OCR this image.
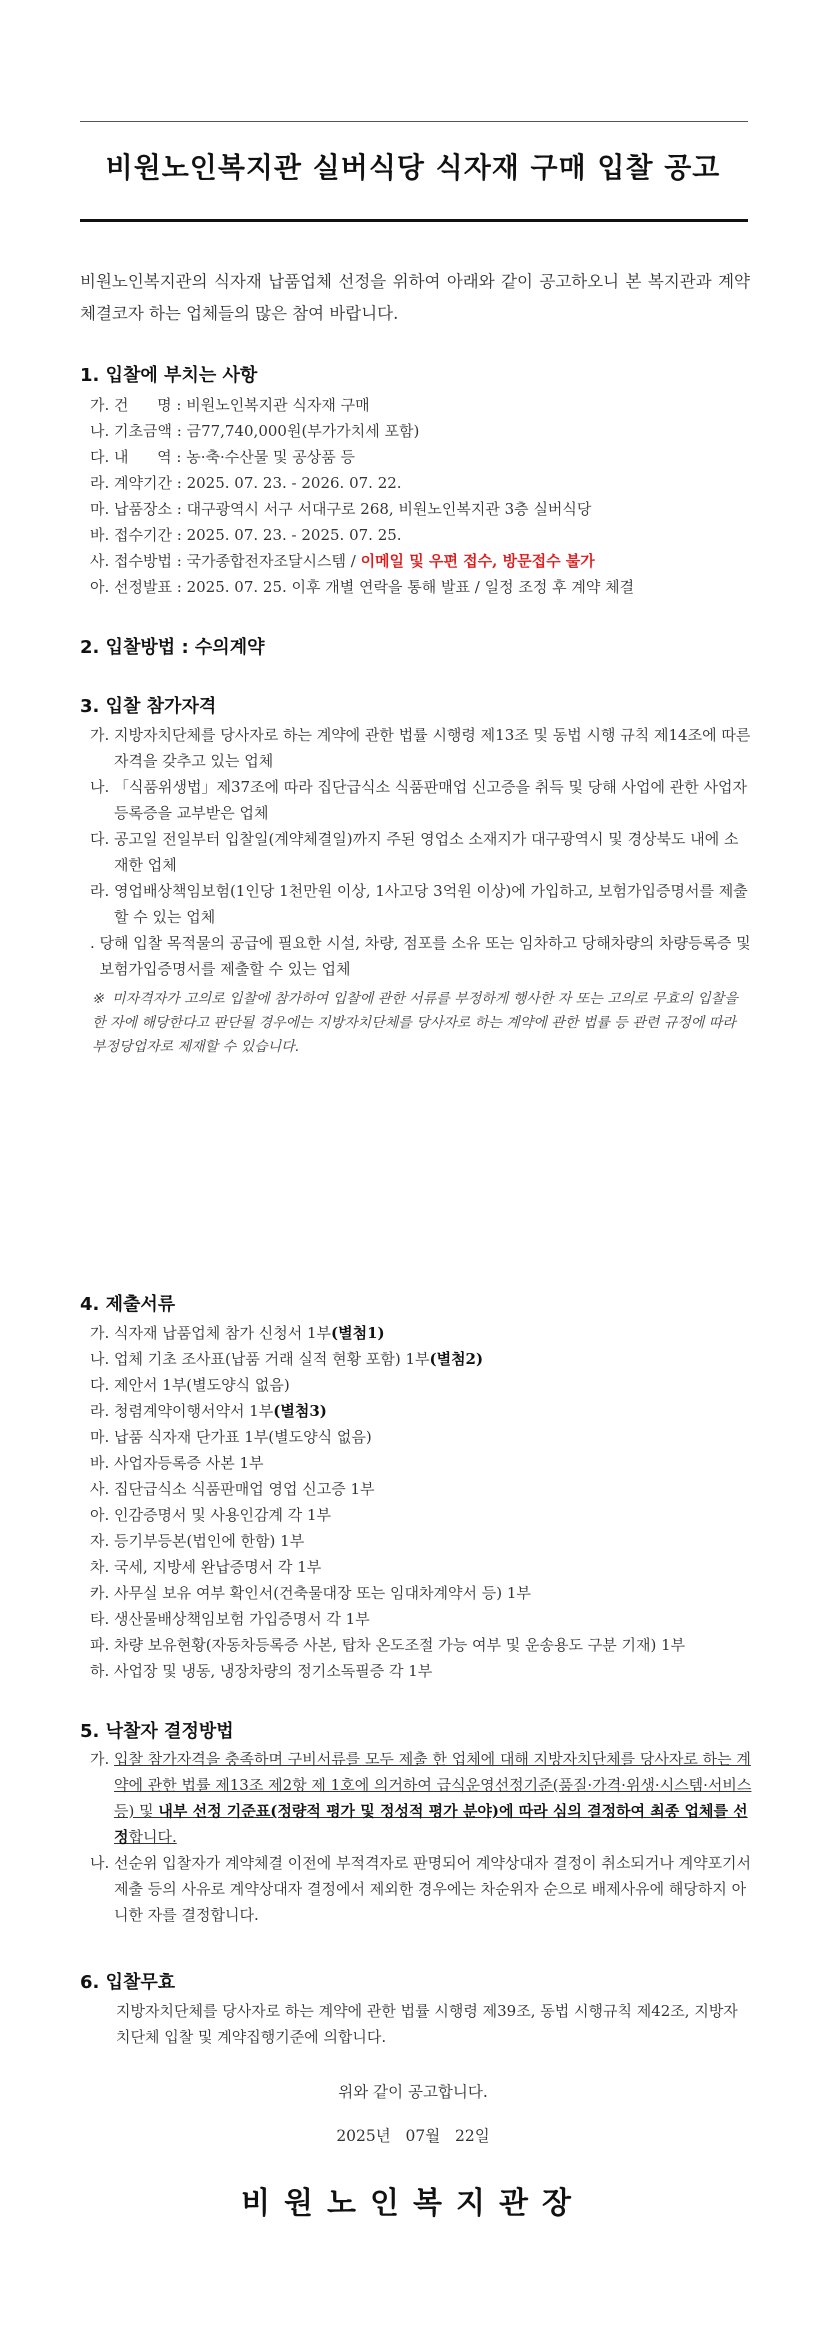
비원노인복지관 실버식당 식자재 구매 입찰 공고
비원노인복지관의 식자재 납품업체 선정을 위하여 아래와 같이 공고하오니 본 복지관과 계약 체결코자 하는 업체들의 많은 참여 바랍니다.
1. 입찰에 부치는 사항
가. 건      명 : 비원노인복지관 식자재 구매
나. 기초금액 : 금77,740,000원(부가가치세 포함)
다. 내      역 : 농·축·수산물 및 공상품 등
라. 계약기간 : 2025. 07. 23. - 2026. 07. 22.
마. 납품장소 : 대구광역시 서구 서대구로 268, 비원노인복지관 3층 실버식당
바. 접수기간 : 2025. 07. 23. - 2025. 07. 25.
사. 접수방법 : 국가종합전자조달시스템 / 이메일 및 우편 접수, 방문접수 불가
아. 선정발표 : 2025. 07. 25. 이후 개별 연락을 통해 발표 / 일정 조정 후 계약 체결
2. 입찰방법 : 수의계약
3. 입찰 참가자격
가. 지방자치단체를 당사자로 하는 계약에 관한 법률 시행령 제13조 및 동법 시행 규칙 제14조에 따른 자격을 갖추고 있는 업체
나. 「식품위생법」제37조에 따라 집단급식소 식품판매업 신고증을 취득 및 당해 사업에 관한 사업자등록증을 교부받은 업체
다. 공고일 전일부터 입찰일(계약체결일)까지 주된 영업소 소재지가 대구광역시 및 경상북도 내에 소재한 업체
라. 영업배상책임보험(1인당 1천만원 이상, 1사고당 3억원 이상)에 가입하고, 보험가입증명서를 제출할 수 있는 업체
. 당해 입찰 목적물의 공급에 필요한 시설, 차량, 점포를 소유 또는 임차하고 당해차량의 차량등록증 및 보험가입증명서를 제출할 수 있는 업체
※ 미자격자가 고의로 입찰에 참가하여 입찰에 관한 서류를 부정하게 행사한 자 또는 고의로 무효의 입찰을 한 자에 해당한다고 판단될 경우에는 지방자치단체를 당사자로 하는 계약에 관한 법률 등 관련 규정에 따라 부정당업자로 제재할 수 있습니다.
4. 제출서류
가. 식자재 납품업체 참가 신청서 1부(별첨1)
나. 업체 기초 조사표(납품 거래 실적 현황 포함) 1부(별첨2)
다. 제안서 1부(별도양식 없음)
라. 청렴계약이행서약서 1부(별첨3)
마. 납품 식자재 단가표 1부(별도양식 없음)
바. 사업자등록증 사본 1부
사. 집단급식소 식품판매업 영업 신고증 1부
아. 인감증명서 및 사용인감계 각 1부
자. 등기부등본(법인에 한함) 1부
차. 국세, 지방세 완납증명서 각 1부
카. 사무실 보유 여부 확인서(건축물대장 또는 임대차계약서 등) 1부
타. 생산물배상책임보험 가입증명서 각 1부
파. 차량 보유현황(자동차등록증 사본, 탑차 온도조절 가능 여부 및 운송용도 구분 기재) 1부
하. 사업장 및 냉동, 냉장차량의 정기소독필증 각 1부
5. 낙찰자 결정방법
가. 입찰 참가자격을 충족하며 구비서류를 모두 제출 한 업체에 대해 지방자치단체를 당사자로 하는 계약에 관한 법률 제13조 제2항 제 1호에 의거하여 급식운영선정기준(품질·가격·위생·시스템·서비스 등) 및 내부 선정 기준표(정량적 평가 및 정성적 평가 분야)에 따라 심의 결정하여 최종 업체를 선정합니다.
나. 선순위 입찰자가 계약체결 이전에 부적격자로 판명되어 계약상대자 결정이 취소되거나 계약포기서 제출 등의 사유로 계약상대자 결정에서 제외한 경우에는 차순위자 순으로 배제사유에 해당하지 아니한 자를 결정합니다.
6. 입찰무효
지방자치단체를 당사자로 하는 계약에 관한 법률 시행령 제39조, 동법 시행규칙 제42조, 지방자치단체 입찰 및 계약집행기준에 의합니다.
위와 같이 공고합니다.
2025년   07월   22일
비원노인복지관장
